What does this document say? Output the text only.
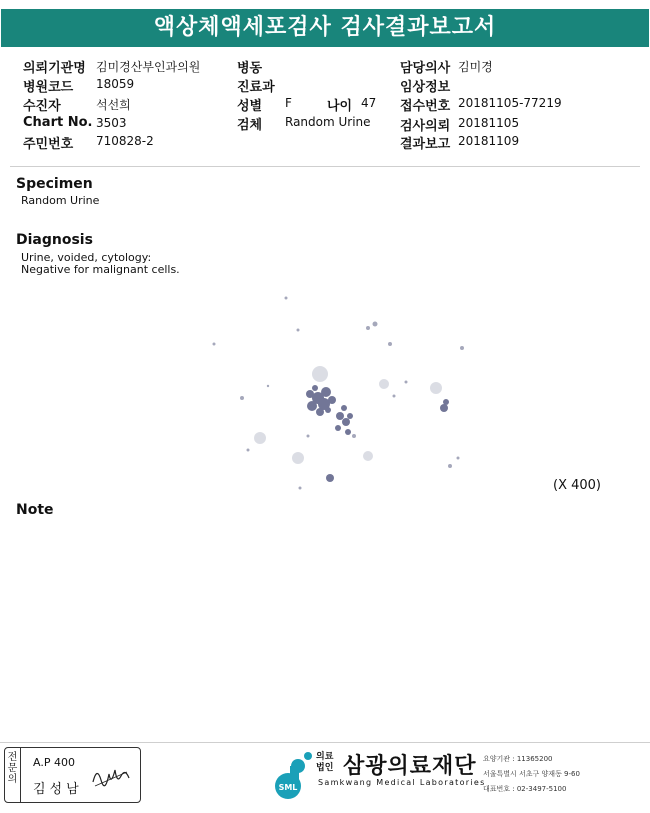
액상체액세포검사 검사결과보고서
의뢰기관명 김미경산부인과의원
병원코드 18059
수진자	석선희
Chart No. 3503
주민번호 710828-2
병동
진료과
성별 F	나이 47
검체 Random Urine
담당의사 김미경
임상정보
접수번호 20181105-77219
검사의뢰 20181105
결과보고 20181109
Specimen
Random Urine
Diagnosis
Urine, voided, cytology:
Negative for malignant cells.
(X 400)
Note
전문의
A.P 400
김성남	SML
의료
법인 삼광의료재단
Samkwang Medical Laboratories
요양기관 : 11365200
서울특별시 서초구 양재동 9-60
대표번호 : 02-3497-5100
